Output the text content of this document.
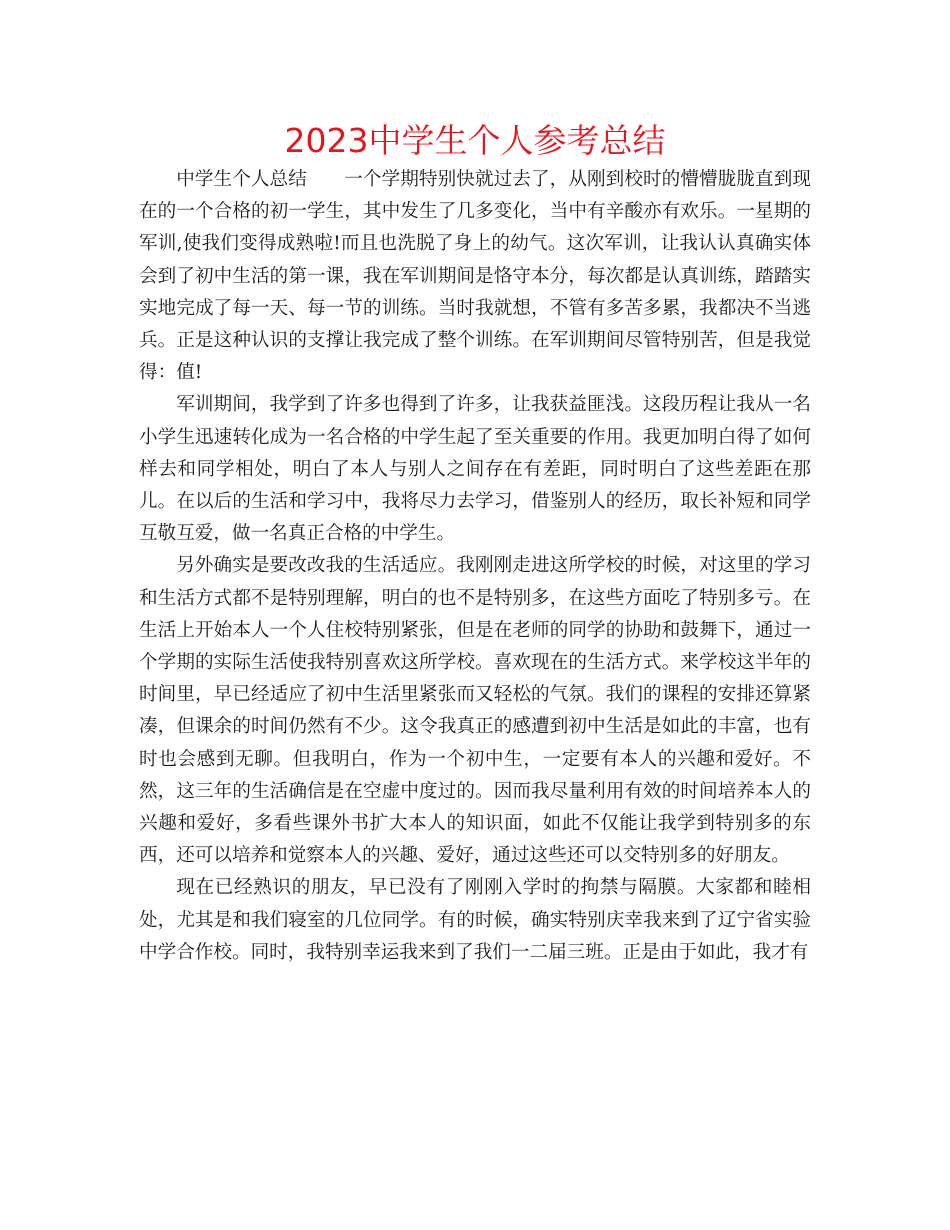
2023中学生个人参考总结

中学生个人总结　　一个学期特别快就过去了，从刚到校时的懵懵胧胧直到现在的一个合格的初一学生，其中发生了几多变化，当中有辛酸亦有欢乐。一星期的军训,使我们变得成熟啦!而且也洗脱了身上的幼气。这次军训，让我认认真确实体会到了初中生活的第一课，我在军训期间是恪守本分，每次都是认真训练，踏踏实实地完成了每一天、每一节的训练。当时我就想，不管有多苦多累，我都决不当逃兵。正是这种认识的支撑让我完成了整个训练。在军训期间尽管特别苦，但是我觉得：值!

军训期间，我学到了许多也得到了许多，让我获益匪浅。这段历程让我从一名小学生迅速转化成为一名合格的中学生起了至关重要的作用。我更加明白得了如何样去和同学相处，明白了本人与别人之间存在有差距，同时明白了这些差距在那儿。在以后的生活和学习中，我将尽力去学习，借鉴别人的经历，取长补短和同学互敬互爱，做一名真正合格的中学生。

另外确实是要改改我的生活适应。我刚刚走进这所学校的时候，对这里的学习和生活方式都不是特别理解，明白的也不是特别多，在这些方面吃了特别多亏。在生活上开始本人一个人住校特别紧张，但是在老师的同学的协助和鼓舞下，通过一个学期的实际生活使我特别喜欢这所学校。喜欢现在的生活方式。来学校这半年的时间里，早已经适应了初中生活里紧张而又轻松的气氛。我们的课程的安排还算紧凑，但课余的时间仍然有不少。这令我真正的感遭到初中生活是如此的丰富，也有时也会感到无聊。但我明白，作为一个初中生，一定要有本人的兴趣和爱好。不然，这三年的生活确信是在空虚中度过的。因而我尽量利用有效的时间培养本人的兴趣和爱好，多看些课外书扩大本人的知识面，如此不仅能让我学到特别多的东西，还可以培养和觉察本人的兴趣、爱好，通过这些还可以交特别多的好朋友。

现在已经熟识的朋友，早已没有了刚刚入学时的拘禁与隔膜。大家都和睦相处，尤其是和我们寝室的几位同学。有的时候，确实特别庆幸我来到了辽宁省实验中学合作校。同时，我特别幸运我来到了我们一二届三班。正是由于如此，我才有
